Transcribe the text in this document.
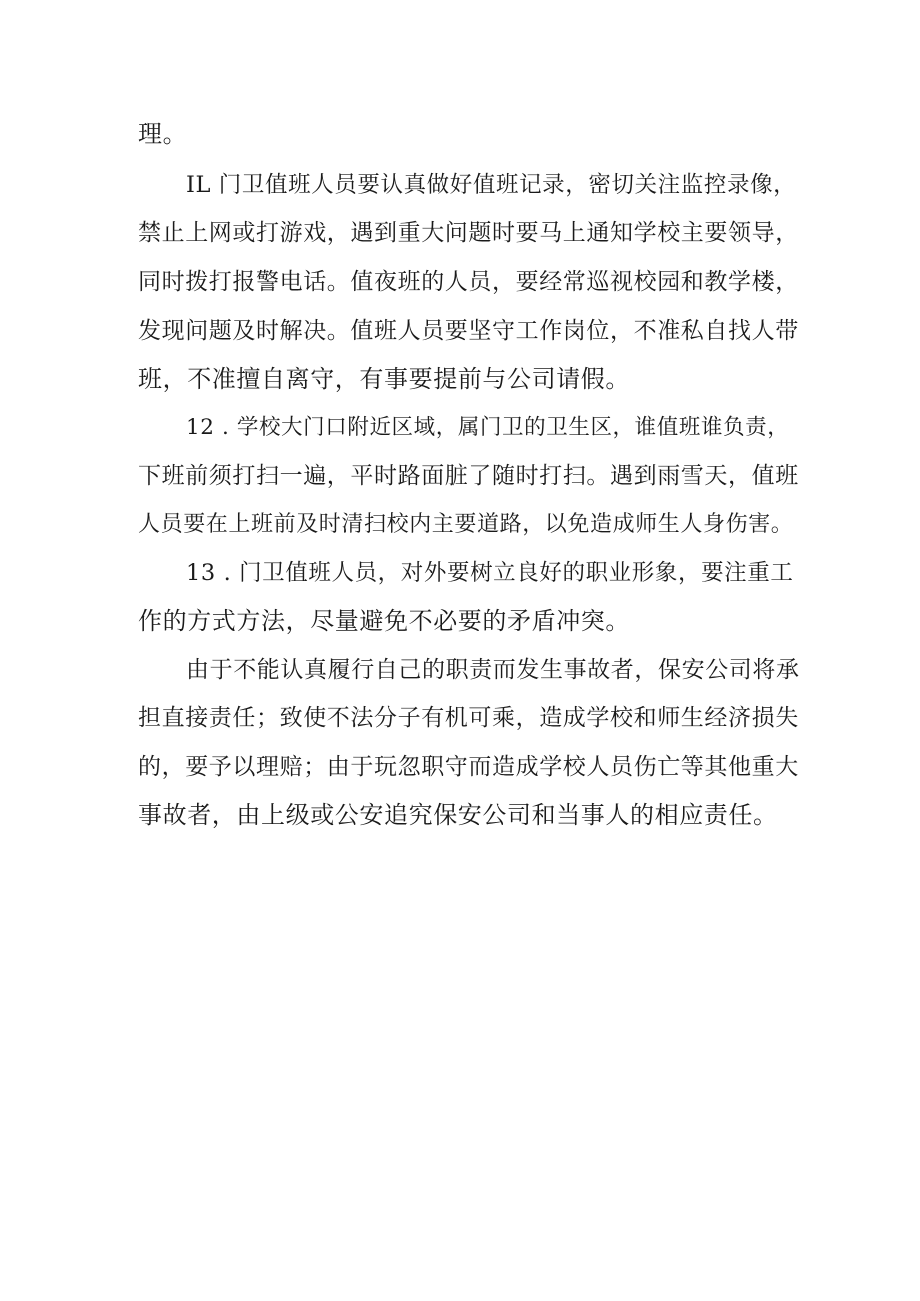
理。
IL 门卫值班人员要认真做好值班记录，密切关注监控录像，
禁止上网或打游戏，遇到重大问题时要马上通知学校主要领导，
同时拨打报警电话。值夜班的人员，要经常巡视校园和教学楼，
发现问题及时解决。值班人员要坚守工作岗位，不准私自找人带
班，不准擅自离守，有事要提前与公司请假。
12 . 学校大门口附近区域，属门卫的卫生区，谁值班谁负责，
下班前须打扫一遍，平时路面脏了随时打扫。遇到雨雪天，值班
人员要在上班前及时清扫校内主要道路，以免造成师生人身伤害。
13 . 门卫值班人员，对外要树立良好的职业形象，要注重工
作的方式方法，尽量避免不必要的矛盾冲突。
由于不能认真履行自己的职责而发生事故者，保安公司将承
担直接责任；致使不法分子有机可乘，造成学校和师生经济损失
的，要予以理赔；由于玩忽职守而造成学校人员伤亡等其他重大
事故者，由上级或公安追究保安公司和当事人的相应责任。
